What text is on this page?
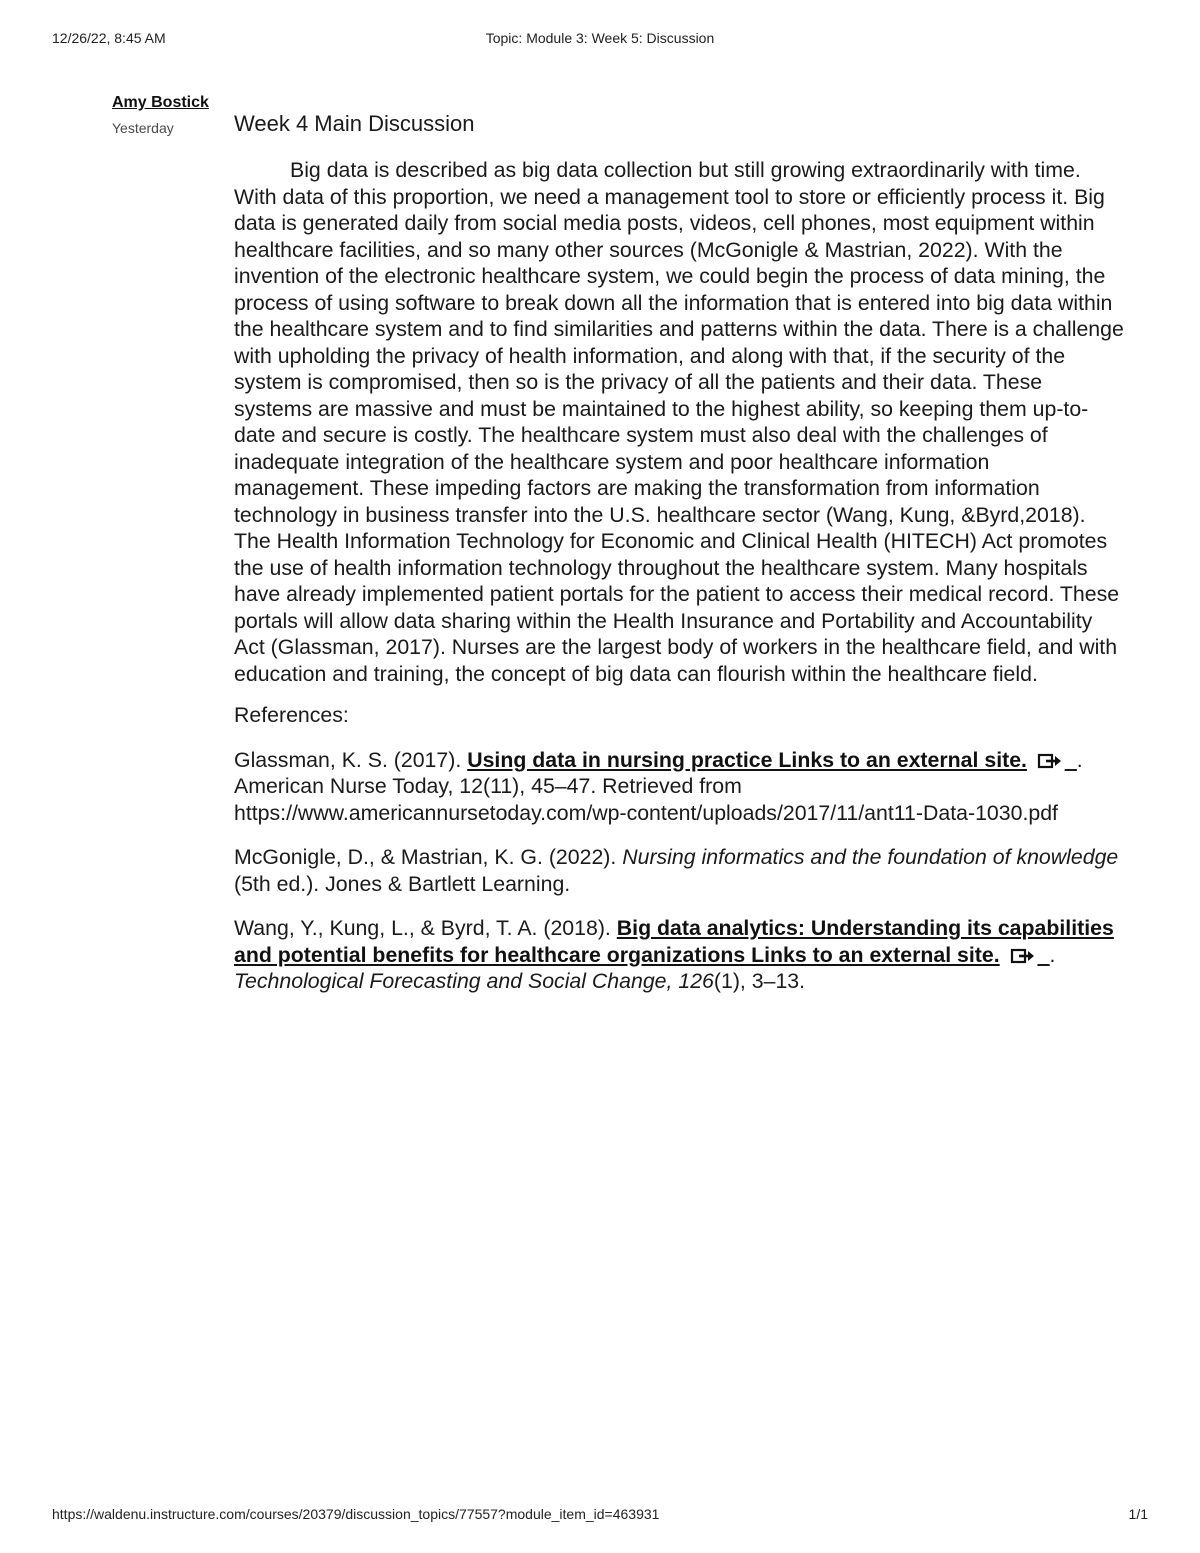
12/26/22, 8:45 AM	Topic: Module 3: Week 5: Discussion
Amy Bostick
Yesterday	Week 4 Main Discussion

Big data is described as big data collection but still growing extraordinarily with time. With data of this proportion, we need a management tool to store or efficiently process it. Big data is generated daily from social media posts, videos, cell phones, most equipment within healthcare facilities, and so many other sources (McGonigle & Mastrian, 2022). With the invention of the electronic healthcare system, we could begin the process of data mining, the process of using software to break down all the information that is entered into big data within the healthcare system and to find similarities and patterns within the data. There is a challenge with upholding the privacy of health information, and along with that, if the security of the system is compromised, then so is the privacy of all the patients and their data. These systems are massive and must be maintained to the highest ability, so keeping them up-to-date and secure is costly. The healthcare system must also deal with the challenges of inadequate integration of the healthcare system and poor healthcare information management. These impeding factors are making the transformation from information technology in business transfer into the U.S. healthcare sector (Wang, Kung, &Byrd,2018). The Health Information Technology for Economic and Clinical Health (HITECH) Act promotes the use of health information technology throughout the healthcare system. Many hospitals have already implemented patient portals for the patient to access their medical record. These portals will allow data sharing within the Health Insurance and Portability and Accountability Act (Glassman, 2017). Nurses are the largest body of workers in the healthcare field, and with education and training, the concept of big data can flourish within the healthcare field.

References:

Glassman, K. S. (2017). Using data in nursing practice Links to an external site. _. American Nurse Today, 12(11), 45–47. Retrieved from https://www.americannursetoday.com/wp-content/uploads/2017/11/ant11-Data-1030.pdf

McGonigle, D., & Mastrian, K. G. (2022). Nursing informatics and the foundation of knowledge (5th ed.). Jones & Bartlett Learning.

Wang, Y., Kung, L., & Byrd, T. A. (2018). Big data analytics: Understanding its capabilities and potential benefits for healthcare organizations Links to an external site. _. Technological Forecasting and Social Change, 126(1), 3–13.

https://waldenu.instructure.com/courses/20379/discussion_topics/77557?module_item_id=463931	1/1
